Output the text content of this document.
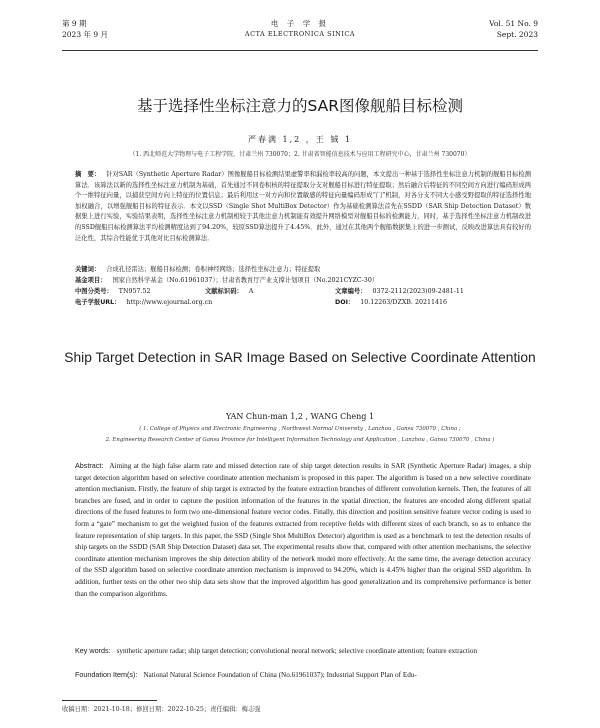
第 9 期
2023 年 9 月
电 子 学 报
ACTA ELECTRONICA SINICA
Vol. 51 No. 9
Sept. 2023
基于选择性坐标注意力的SAR图像舰船目标检测
严春满 1,2 ，王 铖 1
（1. 西北师范大学物理与电子工程学院，甘肃兰州 730070；2. 甘肃省智能信息技术与应用工程研究中心，甘肃兰州 730070）
摘　要： 针对SAR（Synthetic Aperture Radar）图像舰船目标检测结果虚警率和漏检率较高的问题，本文提出一种基于选择性坐标注意力机制的舰船目标检测算法．该算法以新的选择性坐标注意力机制为基础，首先通过不同卷积核的特征提取分支对舰船目标进行特征提取；然后融合后特征的不同空间方向进行编码形成两个一维特征向量，以捕获空间方向上特征的位置信息；最后利用这一对方向和位置敏感的特征向量编码形成“门”机制，对各分支不同大小感受野提取的特征选择性地加权融合，以增强舰船目标的特征表示．本文以SSD（Single Shot MultiBox Detector）作为基础检测算法首先在SSDD（SAR Ship Detection Dataset）数据集上进行实验，实验结果表明，选择性坐标注意力机制相较于其他注意力机制能有效提升网络模型对舰船目标的检测能力，同时，基于选择性坐标注意力机制改进的SSD舰船目标检测算法平均检测精度达到了94.20%，较原SSD算法提升了4.45%．此外，通过在其他两个舰船数据集上的进一步测试，反映改进算法具有较好的泛化性，其综合性能优于其他对比目标检测算法．
关键词： 合成孔径雷达；舰船目标检测；卷积神经网络；选择性坐标注意力；特征提取
基金项目： 国家自然科学基金（No.61961037）；甘肃省教育厅产业支撑计划项目（No.2021CYZC-30）
中图分类号： TN957.52	文献标识码： A	文章编号： 0372-2112(2023)09-2481-11
电子学报URL： http://www.ejournal.org.cn	DOI： 10.12263/DZXB. 20211416
Ship Target Detection in SAR Image Based on Selective Coordinate Attention
YAN Chun-man 1,2 , WANG Cheng 1
( 1. College of Physics and Electronic Engineering , Northwest Normal University , Lanzhou , Gansu 730070 , China ;
2. Engineering Research Center of Gansu Province for Intelligent Information Technology and Application , Lanzhou , Gansu 730070 , China )
Abstract: Aiming at the high false alarm rate and missed detection rate of ship target detection results in SAR (Synthetic Aperture Radar) images, a ship target detection algorithm based on selective coordinate attention mechanism is proposed in this paper. The algorithm is based on a new selective coordinate attention mechanism. Firstly, the feature of ship target is extracted by the feature extraction branches of different convolution kernels. Then, the features of all branches are fused, and in order to capture the position information of the features in the spatial direction, the features are encoded along different spatial directions of the fused features to form two one-dimensional feature vector codes. Finally, this direction and position sensitive feature vector coding is used to form a “gate” mechanism to get the weighted fusion of the features extracted from receptive fields with different sizes of each branch, so as to enhance the feature representation of ship targets. In this paper, the SSD (Single Shot MultiBox Detector) algorithm is used as a benchmark to test the detection results of ship targets on the SSDD (SAR Ship Detection Dataset) data set. The experimental results show that, compared with other attention mechanisms, the selective coordinate attention mechanism improves the ship detection ability of the network model more effectively. At the same time, the average detection accuracy of the SSD algorithm based on selective coordinate attention mechanism is improved to 94.20%, which is 4.45% higher than the original SSD algorithm. In addition, further tests on the other two ship data sets show that the improved algorithm has good generalization and its comprehensive performance is better than the comparison algorithms.
Key words: synthetic aperture radar; ship target detection; convolutional neural network; selective coordinate attention; feature extraction
Foundation Item(s): National Natural Science Foundation of China (No.61961037); Industrial Support Plan of Edu-
收稿日期：2021-10-18；修回日期：2022-10-25；责任编辑：梅志强
